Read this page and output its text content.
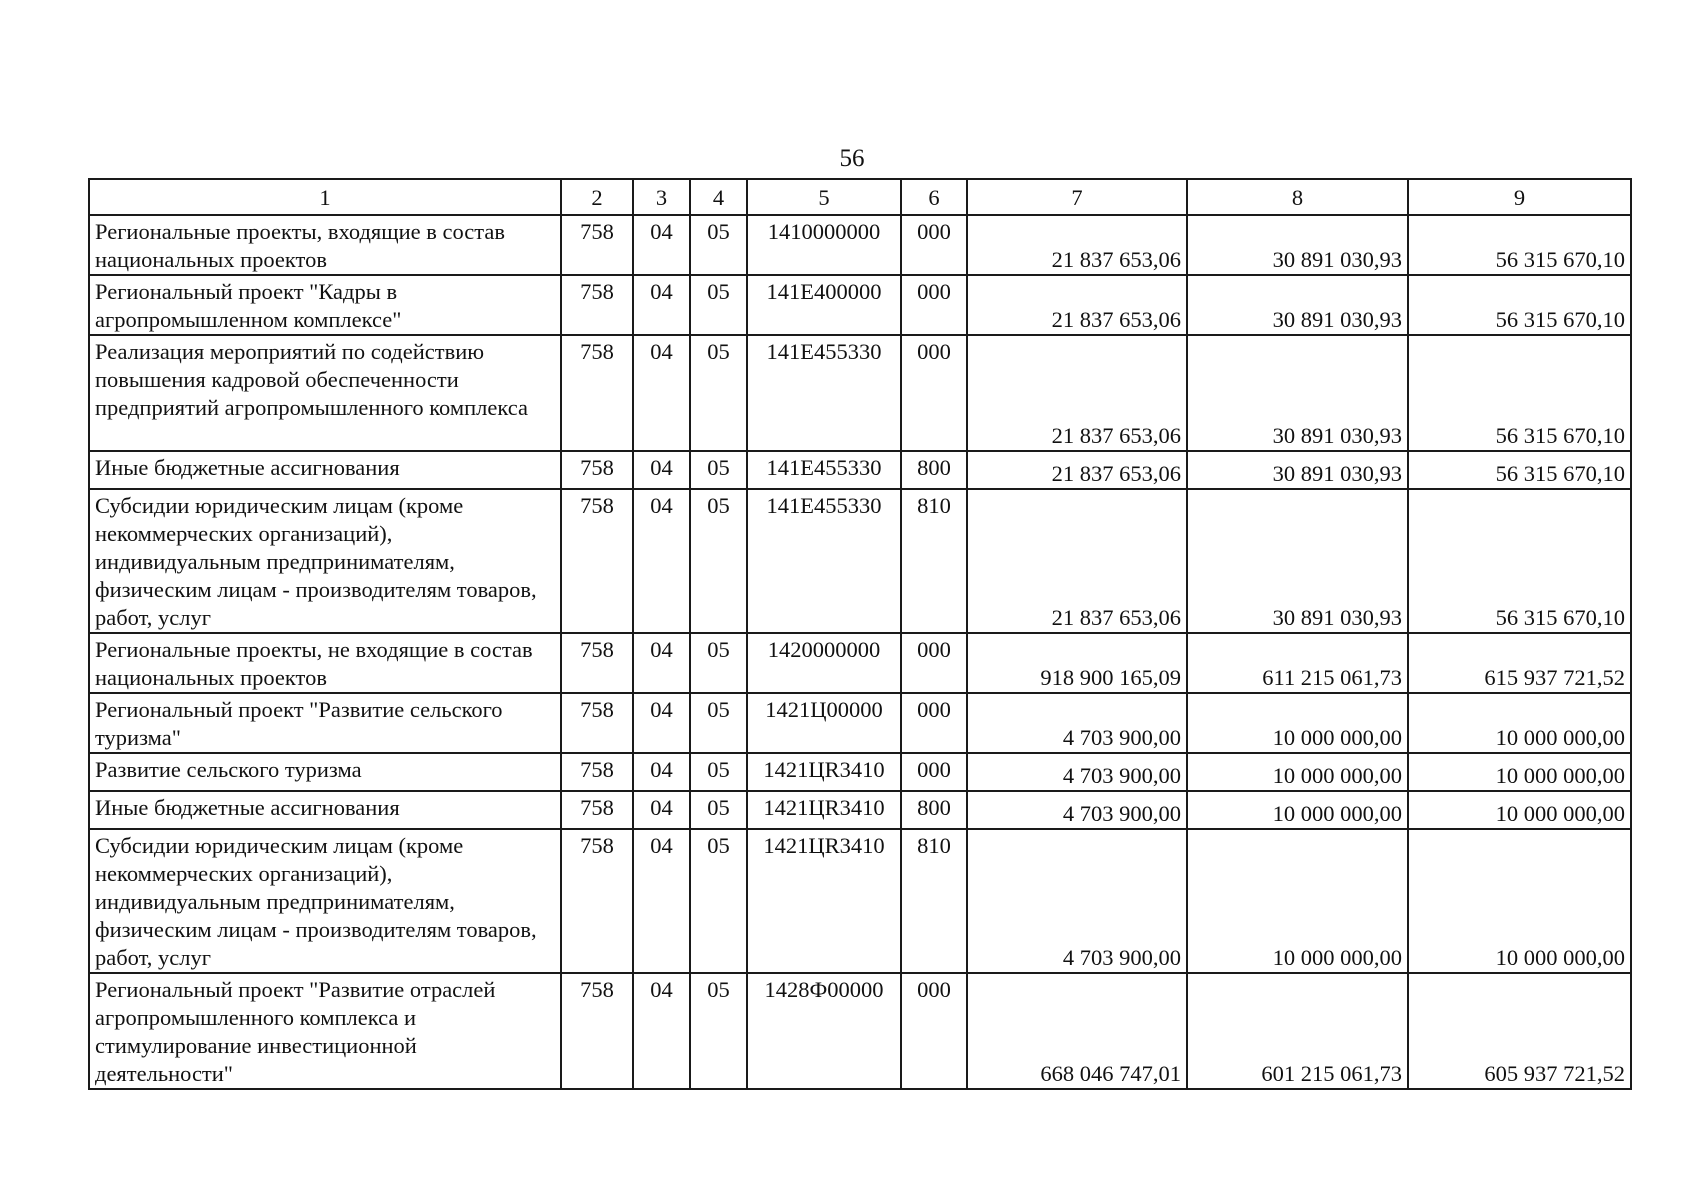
56
1	2	3	4	5	6	7	8	9
Региональные проекты, входящие в состав национальных проектов	758	04	05	1410000000	000	21 837 653,06	30 891 030,93	56 315 670,10
Региональный проект "Кадры в агропромышленном комплексе"	758	04	05	141E400000	000	21 837 653,06	30 891 030,93	56 315 670,10
Реализация мероприятий по содействию повышения кадровой обеспеченности предприятий агропромышленного комплекса	758	04	05	141E455330	000	21 837 653,06	30 891 030,93	56 315 670,10
Иные бюджетные ассигнования	758	04	05	141E455330	800	21 837 653,06	30 891 030,93	56 315 670,10
Субсидии юридическим лицам (кроме некоммерческих организаций), индивидуальным предпринимателям, физическим лицам - производителям товаров, работ, услуг	758	04	05	141E455330	810	21 837 653,06	30 891 030,93	56 315 670,10
Региональные проекты, не входящие в состав национальных проектов	758	04	05	1420000000	000	918 900 165,09	611 215 061,73	615 937 721,52
Региональный проект "Развитие сельского туризма"	758	04	05	1421Ц00000	000	4 703 900,00	10 000 000,00	10 000 000,00
Развитие сельского туризма	758	04	05	1421ЦR3410	000	4 703 900,00	10 000 000,00	10 000 000,00
Иные бюджетные ассигнования	758	04	05	1421ЦR3410	800	4 703 900,00	10 000 000,00	10 000 000,00
Субсидии юридическим лицам (кроме некоммерческих организаций), индивидуальным предпринимателям, физическим лицам - производителям товаров, работ, услуг	758	04	05	1421ЦR3410	810	4 703 900,00	10 000 000,00	10 000 000,00
Региональный проект "Развитие отраслей агропромышленного комплекса и стимулирование инвестиционной деятельности"	758	04	05	1428Ф00000	000	668 046 747,01	601 215 061,73	605 937 721,52
